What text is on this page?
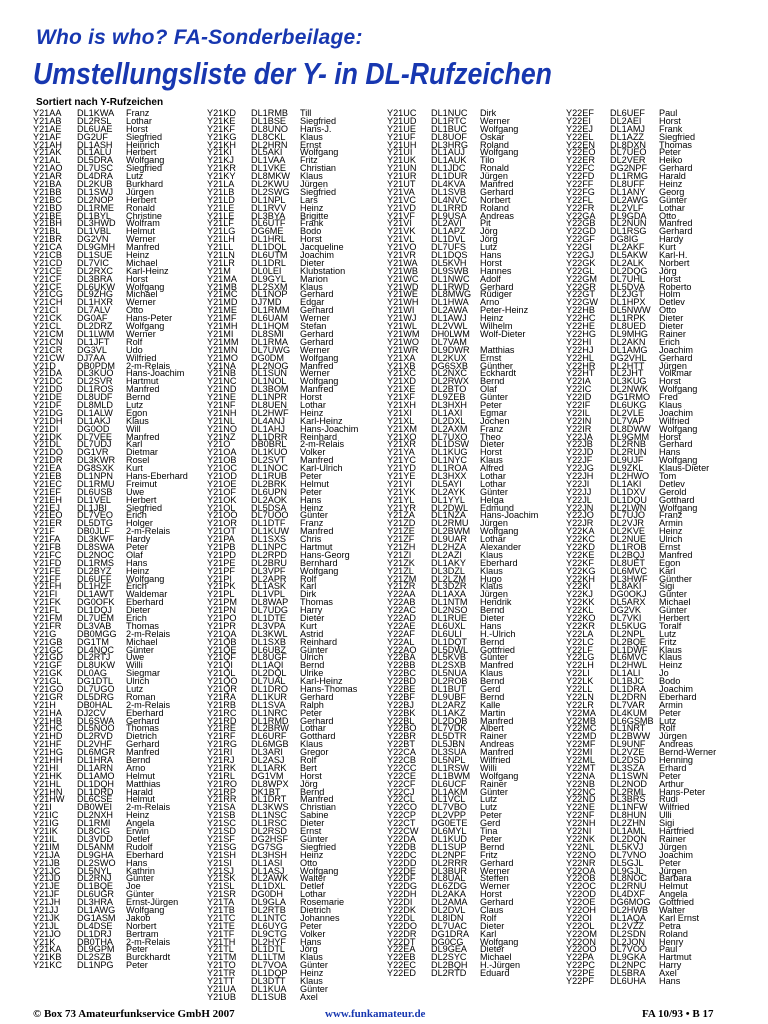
Who is who? FA-Sonderbeilage:
Umstellungsliste der Y- in DL-Rufzeichen
Sortiert nach Y-Rufzeichen
Y21AA DL1KWA Franz
Y21AB DL2RSL Lothar
Y21AE DL6UAE Horst
Y21AF DG2UF Siegfried
Y21AH DL1ASH Heinrich
Y21AK DL1ALU Herbert
Y21AL DL5DRA Wolfgang
Y21AO DL7USC Siegfried
Y21AR DL4DRA Lutz
Y21BA DL2KUB Burkhard
Y21BB DL1SWJ Jürgen
Y21BC DL2NOP Herbert
Y21BD DL1RME Ronald
Y21BE DL1BYL Christine
Y21BH DL3HWD Wolfram
Y21BL DL1VBL Helmut
Y21BR DG2VN Werner
Y21CA DL9GMH Manfred
Y21CB DL1SUE Heinz
Y21CD DL7VIC Michael
Y21CE DL2RXC Karl-Heinz
Y21CF DL3BRA Horst
Y21CF DL6UKW Wolfgang
Y21CG DL9ZHG Michael
Y21CH DL1HXR Werner
Y21CI DL7ALV Otto
Y21CK DG0AF Hans-Peter
Y21CL DL2DRZ Wolfgang
Y21CM DL1LWM Werner
Y21CN DL1JFT Rolf
Y21CR DG3VL Udo
Y21CW DJ7AA Wilfried
Y21D DB0PDM 2-m-Relais
Y21DA DL3KUO Hans-Joachim
Y21DC DL2SVR Hartmut
Y21DD DL1ROS Manfred
Y21DE DL8UDF Bernd
Y21DF DL8MLD Lutz
Y21DG DL1ALW Egon
Y21DH DL1AKJ Klaus
Y21DI DG0OD Will
Y21DK DL7VEE Manfred
Y21DL DL7UDJ Karl
Y21DO DG1VR Dietmar
Y21DR DL3KWR Rosel
Y21EA DG8SXK Kurt
Y21EB DL1NPN Hans-Eberhard
Y21EC DL1RMU Freimut
Y21EF DL6USB Uwe
Y21EH DL1VEL Herbert
Y21EJ DL1JBI Siegfried
Y21EO DL7VEO Erich
Y21ER DL5DTG Holger
Y21F DB0JLF 2-m-Relais
Y21FA DL3KWF Hardy
Y21FB DL8SWA Peter
Y21FC DL2NOC Olaf
Y21FD DL1RMS Hans
Y21FE DL2BYZ Heinz
Y21FF DL6UFF Wolfgang
Y21FH DL1HZF Erich
Y21FI DL1AWT Waldemar
Y21FK DG0OFK Eberhard
Y21FL DL1DQJ Dieter
Y21FM DL7UEM Erich
Y21FR DL3VAB Thomas
Y21G DB0MGG 2-m-Relais
Y21GB DG1TM Michael
Y21GC DL4NQC Günter
Y21GD DL2RTJ Uwe
Y21GF DL8UKW Willi
Y21GK DL0AG Siegmar
Y21GL DG1DTL Ulrich
Y21GO DL7UGO Lutz
Y21GR DL5DRG Roman
Y21H DB0HAL 2-m-Relais
Y21HA DJ2CV Eberhard
Y21HB DL6SWA Gerhard
Y21HC DL5NOO Thomas
Y21HD DL2RVD Dietrich
Y21HF DL2VHF Gerhard
Y21HG DL6MGR Manfred
Y21HH DL1HRA Bernd
Y21HI DL1ARN Arno
Y21HK DL1AMO Helmut
Y21HL DL1DQH Matthias
Y21HN DL1DRD Harald
Y21HW DL6CSE Helmut
Y21I	DB0WEI 2-m-Relais
Y21IC DL2NXH Heinz
Y21IG DL1RMI Angela
Y21IK DL8CIG Erwin
Y21IL DL3VDD Detlef
Y21IM DL5ANM Rudolf
Y21JA DL9GHA Eberhard
Y21JB DL2SWO Hans
Y21JC DL5NYL Kathrin
Y21JD DL2RNJ Günter
Y21JE DL1BQE Joe
Y21JF DL6UGR Günter
Y21JH DL3HRA Ernst-Jürgen
Y21JJ DL1AWG Wolfgang
Y21JK DG1ASM Jakob
Y21JL DL4DSE Norbert
Y21JO DL1DRJ Bertram
Y21K DB0THA 2-m-Relais
Y21KA DL9GPM Peter
Y21KB DL2SZB Burckhardt
Y21KC DL1NPG Peter
Y21KD DL1RMB Till
Y21KE DL1BSE Siegfried
Y21KF DL8UNO Hans-J.
Y21KG DL8CKL Klaus
Y21KH DL2HRN Ernst
Y21KI DL5AKI Wolfgang
Y21KJ DL1VAA Fritz
Y21KR DL1VKE Christian
Y21KY DL8MKW Klaus
Y21LA DL2KWU Jürgen
Y21LB DL2SWG Siegfried
Y21LD DL1NPL Lars
Y21LE DL1RVV Heinz
Y21LE DL3BYA Brigitte
Y21LF DL6UTF Frank
Y21LG DG6ME Bodo
Y21LH DL1HRL Horst
Y21LL DL1DQL Jacqueline
Y21LN DL6UTM Joachim
Y21LR DL1DRL Dieter
Y21M DL0LEI Klubstation
Y21MA DL9GYL Marion
Y21MB DL2SXM Klaus
Y21MC DL1NOP Gerhard
Y21MD DJ7MD Edgar
Y21ME DL1RMM Gerhard
Y21MF DL6UAM Werner
Y21MH DL1HQM Stefan
Y21MI DL8SMI Gerhard
Y21MM DL1RMA Gerhard
Y21MN DL7UWG Werner
Y21MO DG0DM Wolfgang
Y21NA DL2NOG Manfred
Y21NB DL1SUN Werner
Y21NC DL1NOL Wolfgang
Y21ND DL3BOM Manfred
Y21NE DL1NPR Horst
Y21NF DL8UEN Lothar
Y21NH DL2HWF Heinz
Y21NL DL4ANJ Karl-Heinz
Y21NO DL1AHJ Hans-Joachim
Y21NZ DL1DRR Reinhard
Y21O DB0BRL 2-m-Relais
Y21OA DL1KUO Volker
Y21OB DL2SVT Manfred
Y21OC DL1NOC Karl-Ulrich
Y21OD DL1RUB Peter
Y21OE DL2BRK Helmut
Y21OF DL6UPN Peter
Y21OK DL2AOK Hans
Y21OL DL5DSA Heinz
Y21OO DL7UOO Günter
Y21OR DL1DTF Franz
Y21OT DL1KUW Manfred
Y21PA DL1SXS Chris
Y21PB DL1NPC Hartmut
Y21PD DL2RPD Hans-Georg
Y21PE DL2BRU Bernhard
Y21PF DL3VPF Wolfgang
Y21PI DL2APR Rolf
Y21PK DL1ASK Karl
Y21PL DL1VPL Dirk
Y21PM DL8WAP Thomas
Y21PN DL7UDG Harry
Y21PO DL1DTE Dieter
Y21PR DL3VPA Kurt
Y21QA DL3KWL Astrid
Y21QB DL1SXB Reinhard
Y21QE DL6UBZ Günter
Y21QF DL8UGF Ulrich
Y21QI DL1AQI Bernd
Y21QL DL2DQL Ulrike
Y21QO DL7UAL Karl-Heinz
Y21QR DL1DRO Hans-Thomas
Y21RA DL1KUR Gerhard
Y21RB DL1SVA Ralph
Y21RC DL1NRC Peter
Y21RD DL1RMD Gerhard
Y21RE DL2BRW Lothar
Y21RF DL6URF Gotthard
Y21RG DL6MGB Klaus
Y21RI DL3ARI Gregor
Y21RJ DL2ASJ Rolf
Y21RK DL1ARK Bert
Y21RL DG1VM Horst
Y21RO DL8WPX Jörg
Y21RP DK1BT Bernd
Y21RR DL1DRT Manfred
Y21SA DL3KWS Christian
Y21SB DL1NSC Sabine
Y21SC DL1RSC Dieter
Y21SD DL2RSD Ernst
Y21SF DG2HSF Günter
Y21SG DG7SG Siegfried
Y21SH DL3HSH Heinz
Y21SI DL1ASI Otto
Y21SJ DL1ASJ Wolfgang
Y21SK DL2AWK Walter
Y21SL DL1DXL Detlef
Y21SR DG0DH Lothar
Y21TA DL9GLA Rosemarie
Y21TB DL2RTB Dietrich
Y21TC DL1NTC Johannes
Y21TE DL6UYG Peter
Y21TF DL9CTG Volker
Y21TH DL2HYF Hans
Y21TL DL1DTL Jörg
Y21TM DL1LTM Klaus
Y21TO DL7VOA Günter
Y21TR DL1DQP Heinz
Y21TT DL3DTT Klaus
Y21UA DL1KUA Günter
Y21UB DL1SUB Axel
Y21UC DL1NUC Dirk
Y21UD DL1RTC Werner
Y21UE DL1BUC Wolfgang
Y21UF DL8UOF Oskar
Y21UH DL3HRG Roland
Y21UI DL1AUJ Wolfgang
Y21UK DL1AUK Tilo
Y21UN DL1JDC Ronald
Y21UR DL1DUR Jürgen
Y21UT DL4KVA Manfred
Y21VA DL1SVB Gerhard
Y21VC DL4NVC Norbert
Y21VD DL1RRD Roland
Y21VF DL9USA Andreas
Y21VI DL2AVI Pit
Y21VK DL1APZ Jörg
Y21VL DL1DVL Jörg
Y21VO DL7UFS Lutz
Y21VR DL1DQS Hans
Y21WA DL5KVH Horst
Y21WB DL9SWB Hannes
Y21WC DL1NWC Adolf
Y21WD DL1RWD Gerhard
Y21WE DL8MWG Rüdiger
Y21WH DL1HWA Arno
Y21WI DL2AWA Peter-Heinz
Y21WJ DL1AWJ Heinz
Y21WL DL2VWL Wilhelm
Y21WM DH0LWM Wolf-Dieter
Y21WO DL7VAM
Y21WR DL9DWR Matthias
Y21XA DL2KUX Ernst
Y21XB DG6SXB Günther
Y21XC DL2NXC Eckhardt
Y21XD DL2RWX Bernd
Y21XE DL2BTO Olaf
Y21XF DL9ZEB Günter
Y21XH DL3HXH Peter
Y21XI DL1AXI Egmar
Y21XL DL2DXL Jochen
Y21XM DL2AXM Franz
Y21XO DL7UXO Theo
Y21XR DL1DSW Dieter
Y21YA DL1KUG Horst
Y21YC DL1NYC Klaus
Y21YD DL1ROA Alfred
Y21YE DL3HXX Lothar
Y21YI DL5AYI Lothar
Y21YK DL2AYK Günter
Y21YL DL1YYL Helga
Y21YR DL2DWL Edmund
Y21ZA DL1NZA Hans-Joachim
Y21ZD DL2RMU Jürgen
Y21ZE DL2BWM Wolfgang
Y21ZF DL9UAR Lothar
Y21ZH DL2HZA Alexander
Y21ZI DL2AZI Klaus
Y21ZK DL1AKY Eberhard
Y21ZL DL3DZL Klaus
Y21ZM DL2LZM Hugo
Y21ZR DL3DZR Klaus
Y22AA DL1AXA Jürgen
Y22AB DL1NTM Hendrik
Y22AC DL2NSO Bernd
Y22AD DL1RUE Dieter
Y22AE DL6UXL Hans
Y22AF DL6ULI H.-Ulrich
Y22AL DL1DQT Bernd
Y22AO DL5DWL Gottfried
Y22BA DL5KVB Günter
Y22BB DL2SXB Manfred
Y22BC DL5NUA Klaus
Y22BD DL2ROB Bernd
Y22BE DL1BUT Gerd
Y22BF DL9UBF Bernd
Y22BJ DL2ARZ Kalle
Y22BK DL1AKZ Martin
Y22BL DL2DQB Manfred
Y22BO DL7VDK Albert
Y22BR DL5DTR Rainer
Y22BT DL5JBN Andreas
Y22CA DL3SUA Manfred
Y22CB DL5NPL Wilfried
Y22CC DL1RSW Willi
Y22CE DL1BWM Wolfgang
Y22CF DL6UCF Rainer
Y22CJ DL1AKM Günter
Y22CL DL1VCL Lutz
Y22CO DL7VBO Lutz
Y22CP DL2VPP Peter
Y22CT DG0ETE Gerd
Y22CW DL6MYL Tina
Y22DA DL1KUD Peter
Y22DB DL1SUP Bernd
Y22DC DL2NPF Fritz
Y22DD DL2RRR Gerhard
Y22DE DL3BUR Werner
Y22DF DL8UAL Steffen
Y22DG DL6ZDG Werner
Y22DH DL2AKA Horst
Y22DI DL2AMA Gerhard
Y22DK DL2DVL Claus
Y22DL DL8IDN Rolf
Y22DO DL7UAC Dieter
Y22DR DG1DRA Karl
Y22DT DG0CG Wolfgang
Y22EA DL9GEA Dieter
Y22EB DL2SYC Michael
Y22EC DL2BQH H.-Jürgen
Y22ED DL2RTD Eduard
Y22EF DL6UEF Paul
Y22EI DL2AEI Horst
Y22EJ DL1AMJ Frank
Y22EL DL1AZZ Siegfried
Y22EN DL8DXN Thomas
Y22EO DL7UEO Peter
Y22ER DL2VER Heiko
Y22FC DG2NPF Gerhard
Y22FD DL1RMG Harald
Y22FF DL8UFF Heinz
Y22FG DL1ANY Georg
Y22FL DL2AWG Günter
Y22FR DL2VLF Lothar
Y22GA DL9GDA Otto
Y22GB DL2NUN Manfred
Y22GD DL1RSG Gerhard
Y22GF DG8IG Hardy
Y22GI DL2AKF Kurt
Y22GJ DL5AKW Karl-H.
Y22GK DL2ALK Norbert
Y22GL DL2DQG Jörg
Y22GM DL7UHL Horst
Y22GR DL5DVA Roberto
Y22GT DL2JGT Holm
Y22GW DL1HPX Detlev
Y22HB DL5NWW Otto
Y22HC DL1RPK Dieter
Y22HE DL8UED Dieter
Y22HG DL9MHG Rainer
Y22HI DL2AKN Erich
Y22HJ DL1AMG Joachim
Y22HL DG2VHL Gerhard
Y22HR DL2HTT Jürgen
Y22HT DL2JHT Volkmar
Y22IA DL3KUG Horst
Y22IC DL2NWK Wolfgang
Y22ID DG1RMO Fred
Y22IF DL6UKG Klaus
Y22IL DL2VLE Joachim
Y22IN DL7VAP Wilfried
Y22IR DL8DWW Wolfgang
Y22JA DL9GMM Horst
Y22JB DL2RNB Gerhard
Y22JD DL2RUN Hans
Y22JF DL9UJF Wolfgang
Y22JG DL9ZKL Klaus-Dieter
Y22JH DL2HWO Tom
Y22JI DL1AKI Detlev
Y22JJ DL1DXV Gerold
Y22JL DL1DQU Gotthard
Y22JN DL2LWN Wolfgang
Y22JO DL7UJO Franz
Y22JR DL2VJR Armin
Y22KA DL2KVE Heinz
Y22KC DL2NUE Ulrich
Y22KD DL1ROB Ernst
Y22KE DL2BQJ Manfred
Y22KF DL8UET Egon
Y22KG DL6MVC Karl
Y22KH DL3HWF Günther
Y22KI DL8AKI Sigi
Y22KJ DG0OKJ Günter
Y22KK DL5ARX Michael
Y22KL DG2VK Günter
Y22KO DL7VKI Herbert
Y22KR DL5KUG Toralf
Y22LA DL2NPL Lutz
Y22LC DL2BQE Fritz
Y22LF DL1DWF Klaus
Y22LG DL6MVC Klaus
Y22LH DL2HWL Heinz
Y22LI DL1ALI Jo
Y22LK DL1BJC Bodo
Y22LL DL1DRA Joachim
Y22LN DL2DRN Eberhard
Y22LR DL7VAR Armin
Y22MA DL4KUM Peter
Y22MB DL6GSMB Lutz
Y22MC DL1NRT Rolf
Y22MD DL2BWW Jürgen
Y22MF DL9UNF Andreas
Y22MI DL2VZE Bernd-Werner
Y22ML DL2DSD Henning
Y22MT DL3SZA Erhard
Y22NA DL1SWN Peter
Y22NB DL2NOD Arthur
Y22NC DL2RML Hans-Peter
Y22ND DL3BRS Rudi
Y22NE DL1NFW Wilfried
Y22NF DL8HUN Ulli
Y22NH DL2ZHN Sigi
Y22NI DL1AML Hartfried
Y22NK DL2DQN Rainer
Y22NL DL5KVJ Jürgen
Y22NO DL7VNO Joachim
Y22NR DL5GJL Peter
Y22OA DL9GJL Jürgen
Y22OB DL8NOC Barbara
Y22OC DL2RNU Helmut
Y22OD DL4DXF Angela
Y22OE DG6MOG Gottfried
Y22OH DL2HWB Walter
Y22OI DL1AQA Karl Ernst
Y22OL DL2VZZ Petra
Y22OM DL2SDN Roland
Y22ON DL2JON Henry
Y22OO DL7VOO Paul
Y22PA DL9GKA Hartmut
Y22PC DL2NPC Harry
Y22PE DL5BRA Axel
Y22PF DL6UHA Hans
© Box 73 Amateurfunkservice GmbH 2007	www.funkamateur.de	FA 10/93 • B 17
